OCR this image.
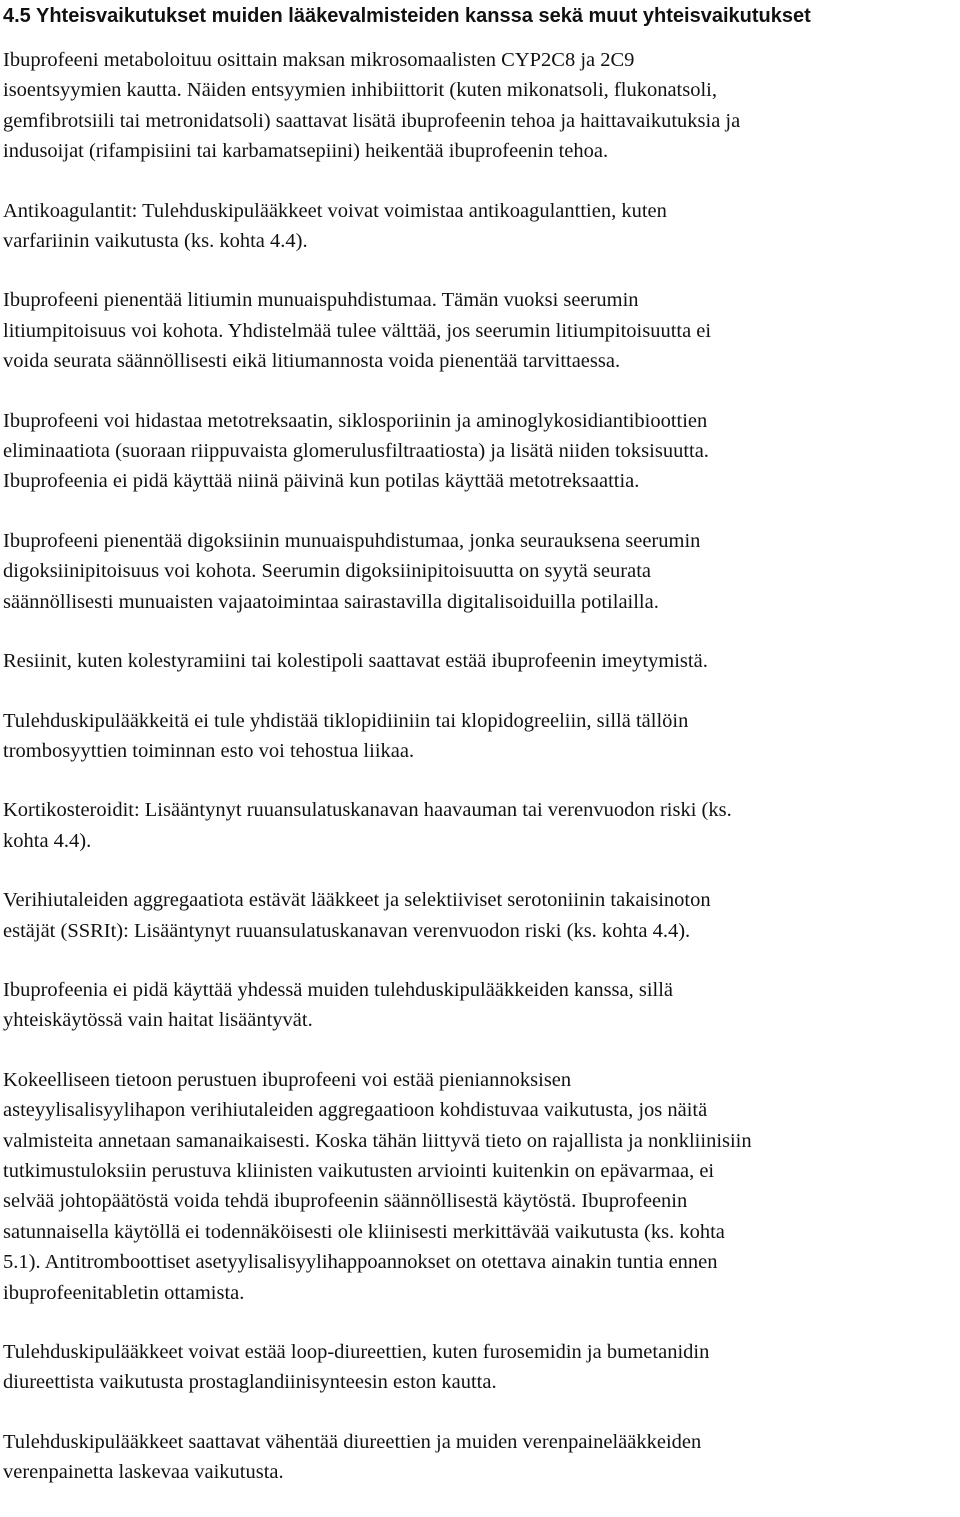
4.5 Yhteisvaikutukset muiden lääkevalmisteiden kanssa sekä muut yhteisvaikutukset
Ibuprofeeni metaboloituu osittain maksan mikrosomaalisten CYP2C8 ja 2C9
isoentsyymien kautta. Näiden entsyymien inhibiittorit (kuten mikonatsoli, flukonatsoli,
gemfibrotsiili tai metronidatsoli) saattavat lisätä ibuprofeenin tehoa ja haittavaikutuksia ja
indusoijat (rifampisiini tai karbamatsepiini) heikentää ibuprofeenin tehoa.
Antikoagulantit: Tulehduskipulääkkeet voivat voimistaa antikoagulanttien, kuten
varfariinin vaikutusta (ks. kohta 4.4).
Ibuprofeeni pienentää litiumin munuaispuhdistumaa. Tämän vuoksi seerumin
litiumpitoisuus voi kohota. Yhdistelmää tulee välttää, jos seerumin litiumpitoisuutta ei
voida seurata säännöllisesti eikä litiumannosta voida pienentää tarvittaessa.
Ibuprofeeni voi hidastaa metotreksaatin, siklosporiinin ja aminoglykosidiantibioottien
eliminaatiota (suoraan riippuvaista glomerulusfiltraatiosta) ja lisätä niiden toksisuutta.
Ibuprofeenia ei pidä käyttää niinä päivinä kun potilas käyttää metotreksaattia.
Ibuprofeeni pienentää digoksiinin munuaispuhdistumaa, jonka seurauksena seerumin
digoksiinipitoisuus voi kohota. Seerumin digoksiinipitoisuutta on syytä seurata
säännöllisesti munuaisten vajaatoimintaa sairastavilla digitalisoiduilla potilailla.
Resiinit, kuten kolestyramiini tai kolestipoli saattavat estää ibuprofeenin imeytymistä.
Tulehduskipulääkkeitä ei tule yhdistää tiklopidiiniin tai klopidogreeliin, sillä tällöin
trombosyyttien toiminnan esto voi tehostua liikaa.
Kortikosteroidit: Lisääntynyt ruuansulatuskanavan haavauman tai verenvuodon riski (ks.
kohta 4.4).
Verihiutaleiden aggregaatiota estävät lääkkeet ja selektiiviset serotoniinin takaisinoton
estäjät (SSRIt): Lisääntynyt ruuansulatuskanavan verenvuodon riski (ks. kohta 4.4).
Ibuprofeenia ei pidä käyttää yhdessä muiden tulehduskipulääkkeiden kanssa, sillä
yhteiskäytössä vain haitat lisääntyvät.
Kokeelliseen tietoon perustuen ibuprofeeni voi estää pieniannoksisen
asteyylisalisyylihapon verihiutaleiden aggregaatioon kohdistuvaa vaikutusta, jos näitä
valmisteita annetaan samanaikaisesti. Koska tähän liittyvä tieto on rajallista ja nonkliinisiin
tutkimustuloksiin perustuva kliinisten vaikutusten arviointi kuitenkin on epävarmaa, ei
selvää johtopäätöstä voida tehdä ibuprofeenin säännöllisestä käytöstä. Ibuprofeenin
satunnaisella käytöllä ei todennäköisesti ole kliinisesti merkittävää vaikutusta (ks. kohta
5.1). Antitromboottiset asetyylisalisyylihappoannokset on otettava ainakin tuntia ennen
ibuprofeenitabletin ottamista.
Tulehduskipulääkkeet voivat estää loop-diureettien, kuten furosemidin ja bumetanidin
diureettista vaikutusta prostaglandiinisynteesin eston kautta.
Tulehduskipulääkkeet saattavat vähentää diureettien ja muiden verenpainelääkkeiden
verenpainetta laskevaa vaikutusta.
